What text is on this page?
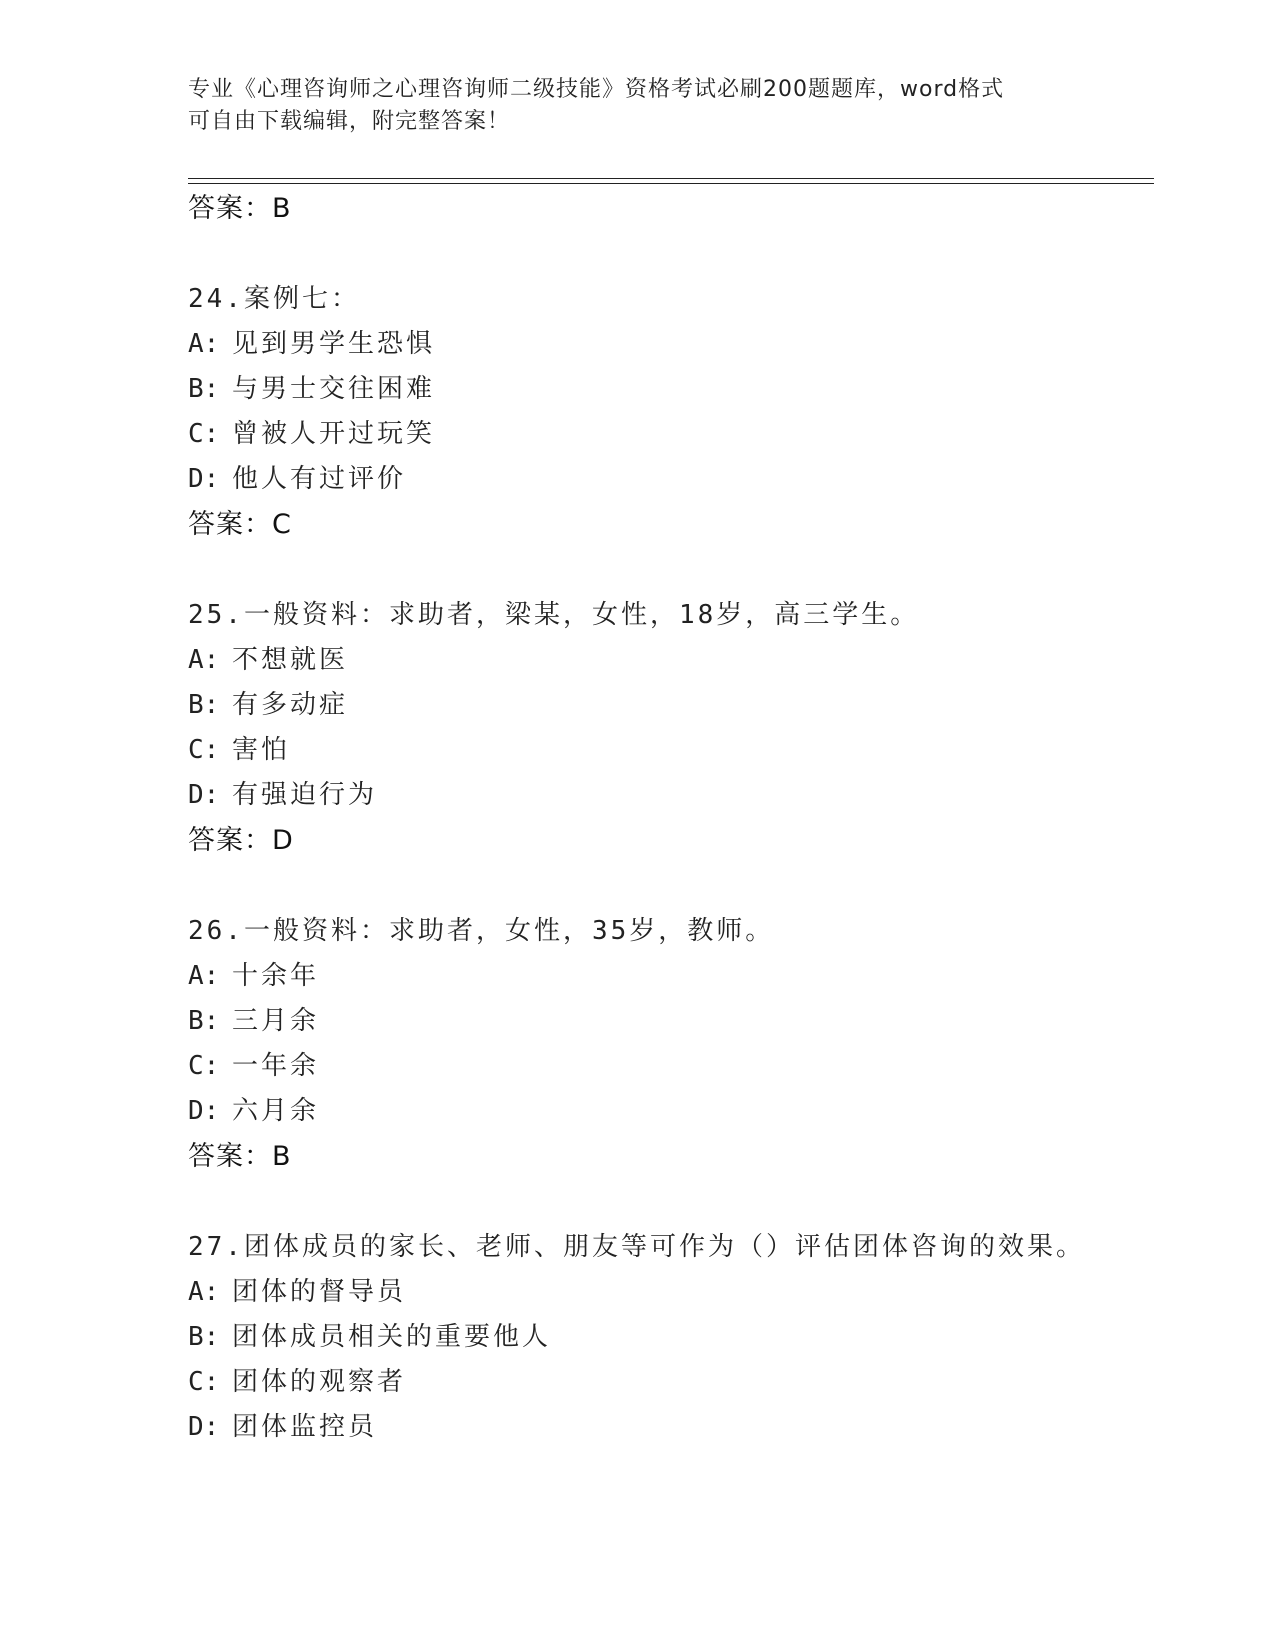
专业《心理咨询师之心理咨询师二级技能》资格考试必刷200题题库，word格式
可自由下载编辑，附完整答案！
答案：B
24.案例七：
A: 见到男学生恐惧
B: 与男士交往困难
C: 曾被人开过玩笑
D: 他人有过评价
答案：C
25.一般资料：求助者，梁某，女性，18岁，高三学生。
A: 不想就医
B: 有多动症
C: 害怕
D: 有强迫行为
答案：D
26.一般资料：求助者，女性，35岁，教师。
A: 十余年
B: 三月余
C: 一年余
D: 六月余
答案：B
27.团体成员的家长、老师、朋友等可作为（）评估团体咨询的效果。
A: 团体的督导员
B: 团体成员相关的重要他人
C: 团体的观察者
D: 团体监控员
